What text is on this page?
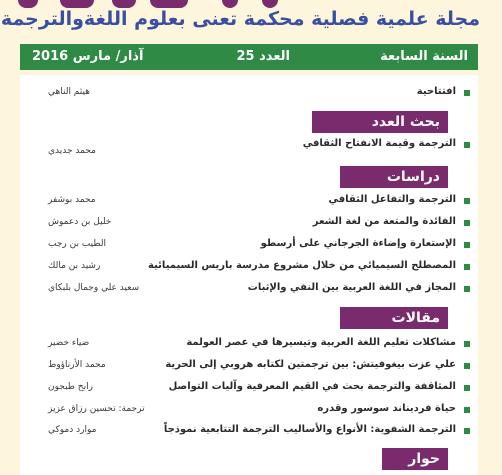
مجلة علمية فصلية محكمة تعنى بعلوم اللغةوالترجمة
السنة السابعة
العدد 25
آذار/ مارس 2016
افتتاحية
هيثم الناهي
بحث العدد
الترجمة وقيمة الانفتاح الثقافي
محمد جديدي
دراسات
الترجمة والتفاعل الثقافي
محمد بوشفر
الفائدة والمتعة من لغة الشعر
خليل بن دعموش
الإستعارة وإضاءة الجرجاني على أرسطو
الطيب بن رجب
المصطلح السيميائي من خلال مشروع مدرسة باريس السيميائية
رشيد بن مالك
المجاز في اللغة العربية بين النفي والإثبات
سعيد علي وجمال بلبكاي
مقالات
مشاكلات تعليم اللغة العربية وتيسيرها في عصر العولمة
ضياء خضير
علي عزت بيغوفيتش: بين ترجمتين لكتابه هروبي إلى الحرية
محمد الأرناؤوط
المثاقفة والترجمة بحث في القيم المعرفية وآليات التواصل
رابح طبجون
حياة فرديناند سوسور وقدره
ترجمة: تحسين رزاق عزيز
الترجمة الشفوية: الأنواع والأساليب الترجمة التتابعية نموذجاً
موارد دموكي
حوار
